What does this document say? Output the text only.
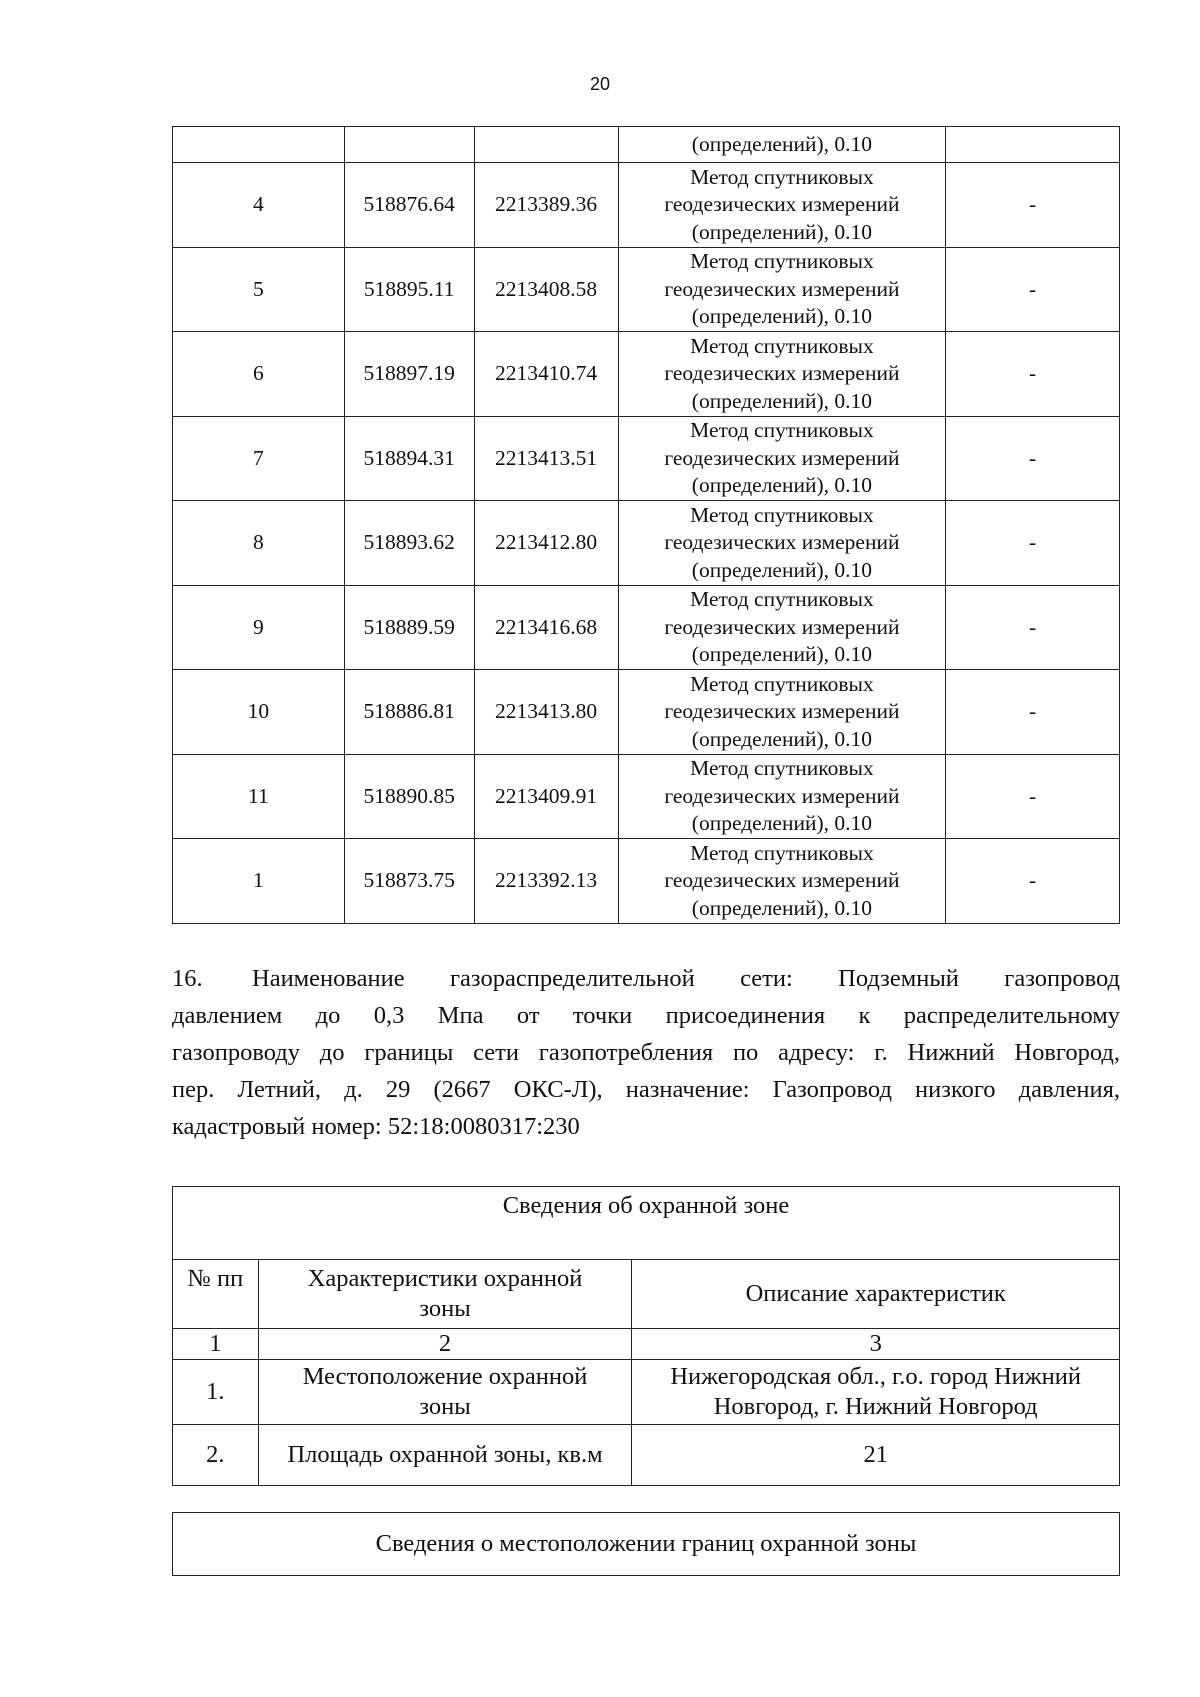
20
			(определений), 0.10	
4	518876.64	2213389.36	Метод спутниковых
геодезических измерений
(определений), 0.10	-
5	518895.11	2213408.58	Метод спутниковых
геодезических измерений
(определений), 0.10	-
6	518897.19	2213410.74	Метод спутниковых
геодезических измерений
(определений), 0.10	-
7	518894.31	2213413.51	Метод спутниковых
геодезических измерений
(определений), 0.10	-
8	518893.62	2213412.80	Метод спутниковых
геодезических измерений
(определений), 0.10	-
9	518889.59	2213416.68	Метод спутниковых
геодезических измерений
(определений), 0.10	-
10	518886.81	2213413.80	Метод спутниковых
геодезических измерений
(определений), 0.10	-
11	518890.85	2213409.91	Метод спутниковых
геодезических измерений
(определений), 0.10	-
1	518873.75	2213392.13	Метод спутниковых
геодезических измерений
(определений), 0.10	-
16. Наименование газораспределительной сети: Подземный газопровод
давлением до 0,3 Мпа от точки присоединения к распределительному
газопроводу до границы сети газопотребления по адресу: г. Нижний Новгород,
пер. Летний, д. 29 (2667 ОКС-Л), назначение: Газопровод низкого давления,
кадастровый номер: 52:18:0080317:230
Сведения об охранной зоне		
№ пп	Характеристики охранной
зоны	Описание характеристик
1	2	3
1.	Местоположение охранной
зоны	Нижегородская обл., г.о. город Нижний
Новгород, г. Нижний Новгород

2.	Площадь охранной зоны, кв.м	21
Сведения о местоположении границ охранной зоны
